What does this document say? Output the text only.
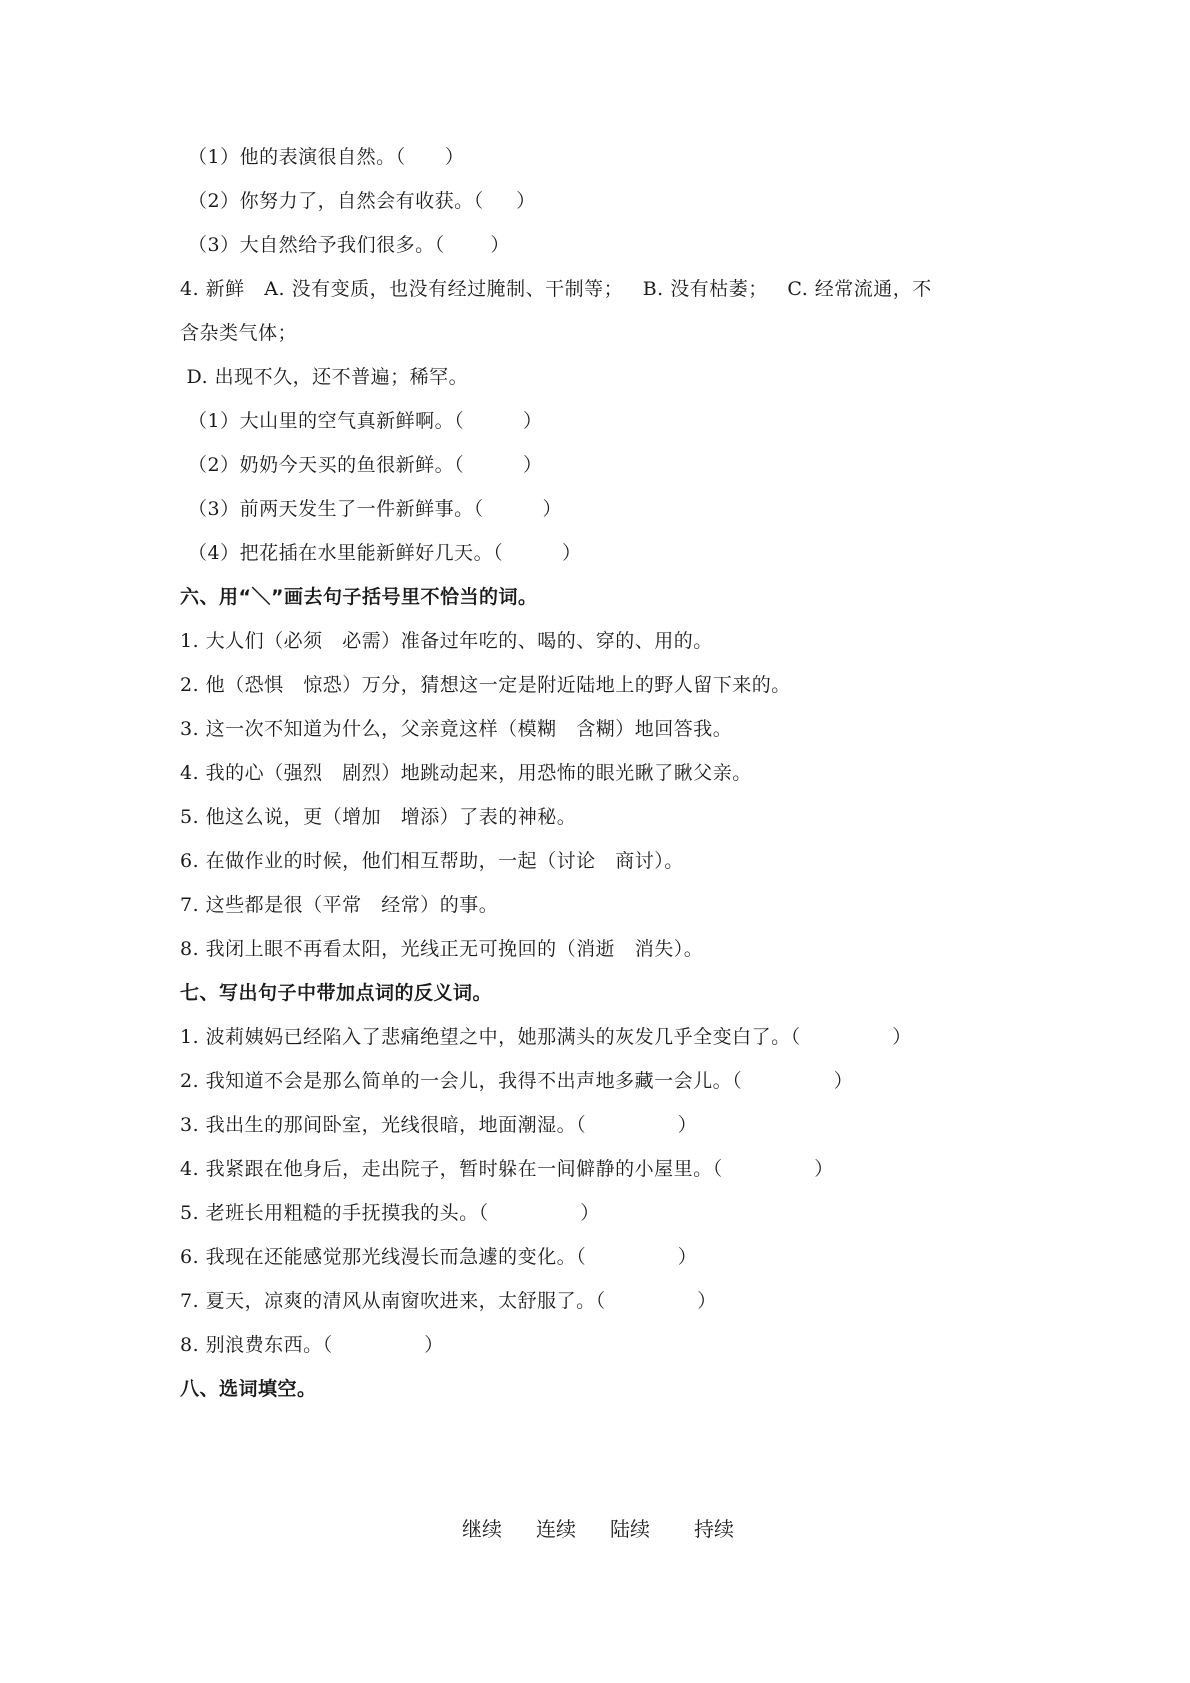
（1）他的表演很自然。（      ）
（2）你努力了，自然会有收获。（     ）
（3）大自然给予我们很多。（       ）
4. 新鲜   A. 没有变质，也没有经过腌制、干制等；   B. 没有枯萎；   C. 经常流通，不
含杂类气体；
D. 出现不久，还不普遍；稀罕。
（1）大山里的空气真新鲜啊。（         ）
（2）奶奶今天买的鱼很新鲜。（         ）
（3）前两天发生了一件新鲜事。（         ）
（4）把花插在水里能新鲜好几天。（         ）
六、用“＼”画去句子括号里不恰当的词。
1. 大人们（必须   必需）准备过年吃的、喝的、穿的、用的。
2. 他（恐惧   惊恐）万分，猜想这一定是附近陆地上的野人留下来的。
3. 这一次不知道为什么，父亲竟这样（模糊   含糊）地回答我。
4. 我的心（强烈   剧烈）地跳动起来，用恐怖的眼光瞅了瞅父亲。
5. 他这么说，更（增加   增添）了表的神秘。
6. 在做作业的时候，他们相互帮助，一起（讨论   商讨）。
7. 这些都是很（平常   经常）的事。
8. 我闭上眼不再看太阳，光线正无可挽回的（消逝   消失）。
七、写出句子中带加点词的反义词。
1. 波莉姨妈已经陷入了悲痛绝望之中，她那满头的灰发几乎全变白了。（              ）
2. 我知道不会是那么简单的一会儿，我得不出声地多藏一会儿。（              ）
3. 我出生的那间卧室，光线很暗，地面潮湿。（              ）
4. 我紧跟在他身后，走出院子，暂时躲在一间僻静的小屋里。（              ）
5. 老班长用粗糙的手抚摸我的头。（              ）
6. 我现在还能感觉那光线漫长而急遽的变化。（              ）
7. 夏天，凉爽的清风从南窗吹进来，太舒服了。（              ）
8. 别浪费东西。（              ）
八、选词填空。
继续 连续 陆续 持续
